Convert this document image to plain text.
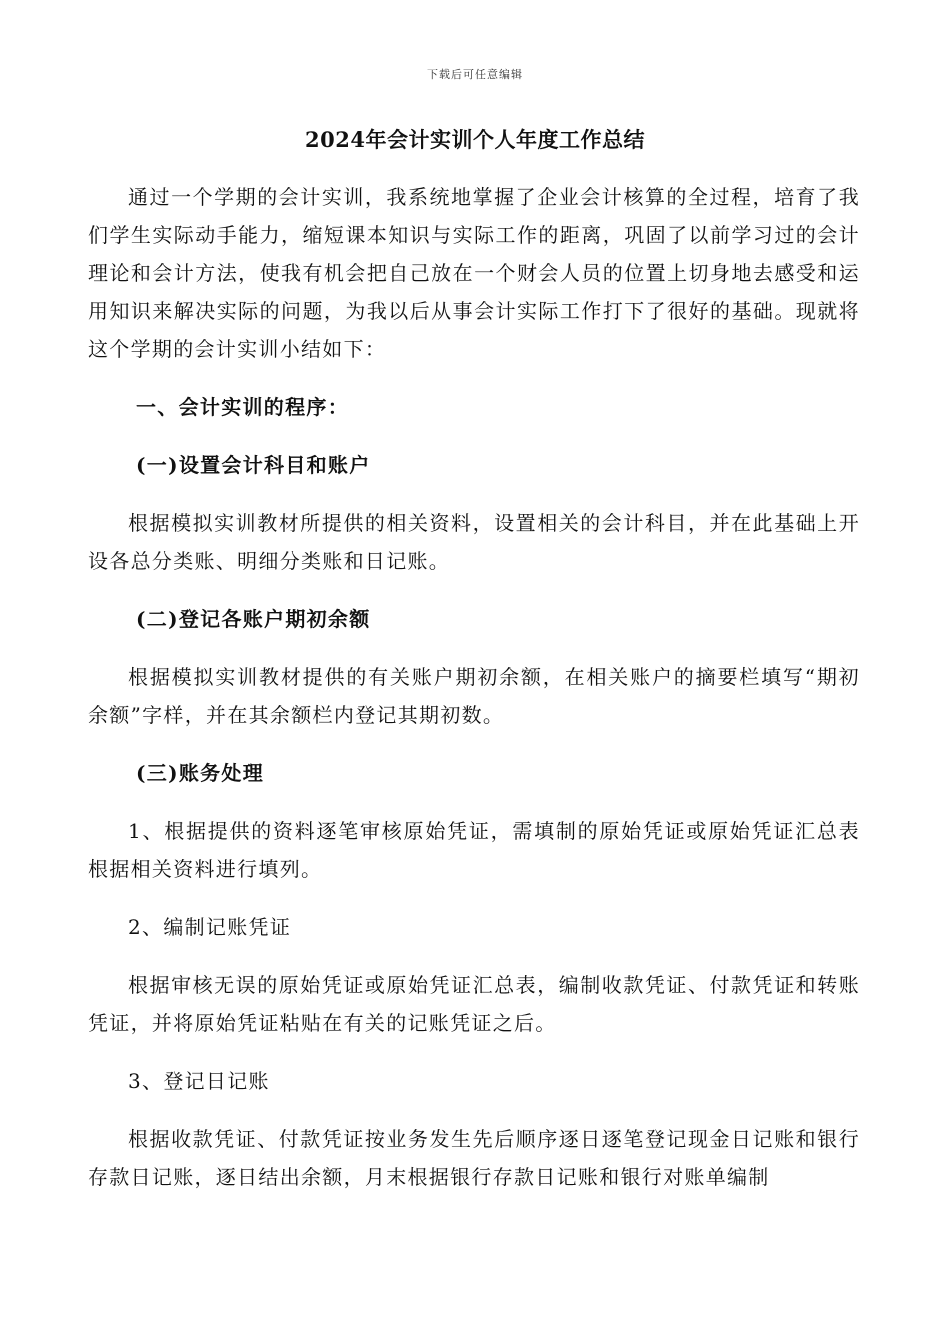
下载后可任意编辑
2024年会计实训个人年度工作总结

通过一个学期的会计实训，我系统地掌握了企业会计核算的全过程，培育了我们学生实际动手能力，缩短课本知识与实际工作的距离，巩固了以前学习过的会计理论和会计方法，使我有机会把自己放在一个财会人员的位置上切身地去感受和运用知识来解决实际的问题，为我以后从事会计实际工作打下了很好的基础。现就将这个学期的会计实训小结如下：

一、会计实训的程序：

(一)设置会计科目和账户

根据模拟实训教材所提供的相关资料，设置相关的会计科目，并在此基础上开设各总分类账、明细分类账和日记账。

(二)登记各账户期初余额

根据模拟实训教材提供的有关账户期初余额，在相关账户的摘要栏填写“期初余额”字样，并在其余额栏内登记其期初数。

(三)账务处理

1、根据提供的资料逐笔审核原始凭证，需填制的原始凭证或原始凭证汇总表根据相关资料进行填列。

2、编制记账凭证

根据审核无误的原始凭证或原始凭证汇总表，编制收款凭证、付款凭证和转账凭证，并将原始凭证粘贴在有关的记账凭证之后。

3、登记日记账

根据收款凭证、付款凭证按业务发生先后顺序逐日逐笔登记现金日记账和银行存款日记账，逐日结出余额，月末根据银行存款日记账和银行对账单编制
